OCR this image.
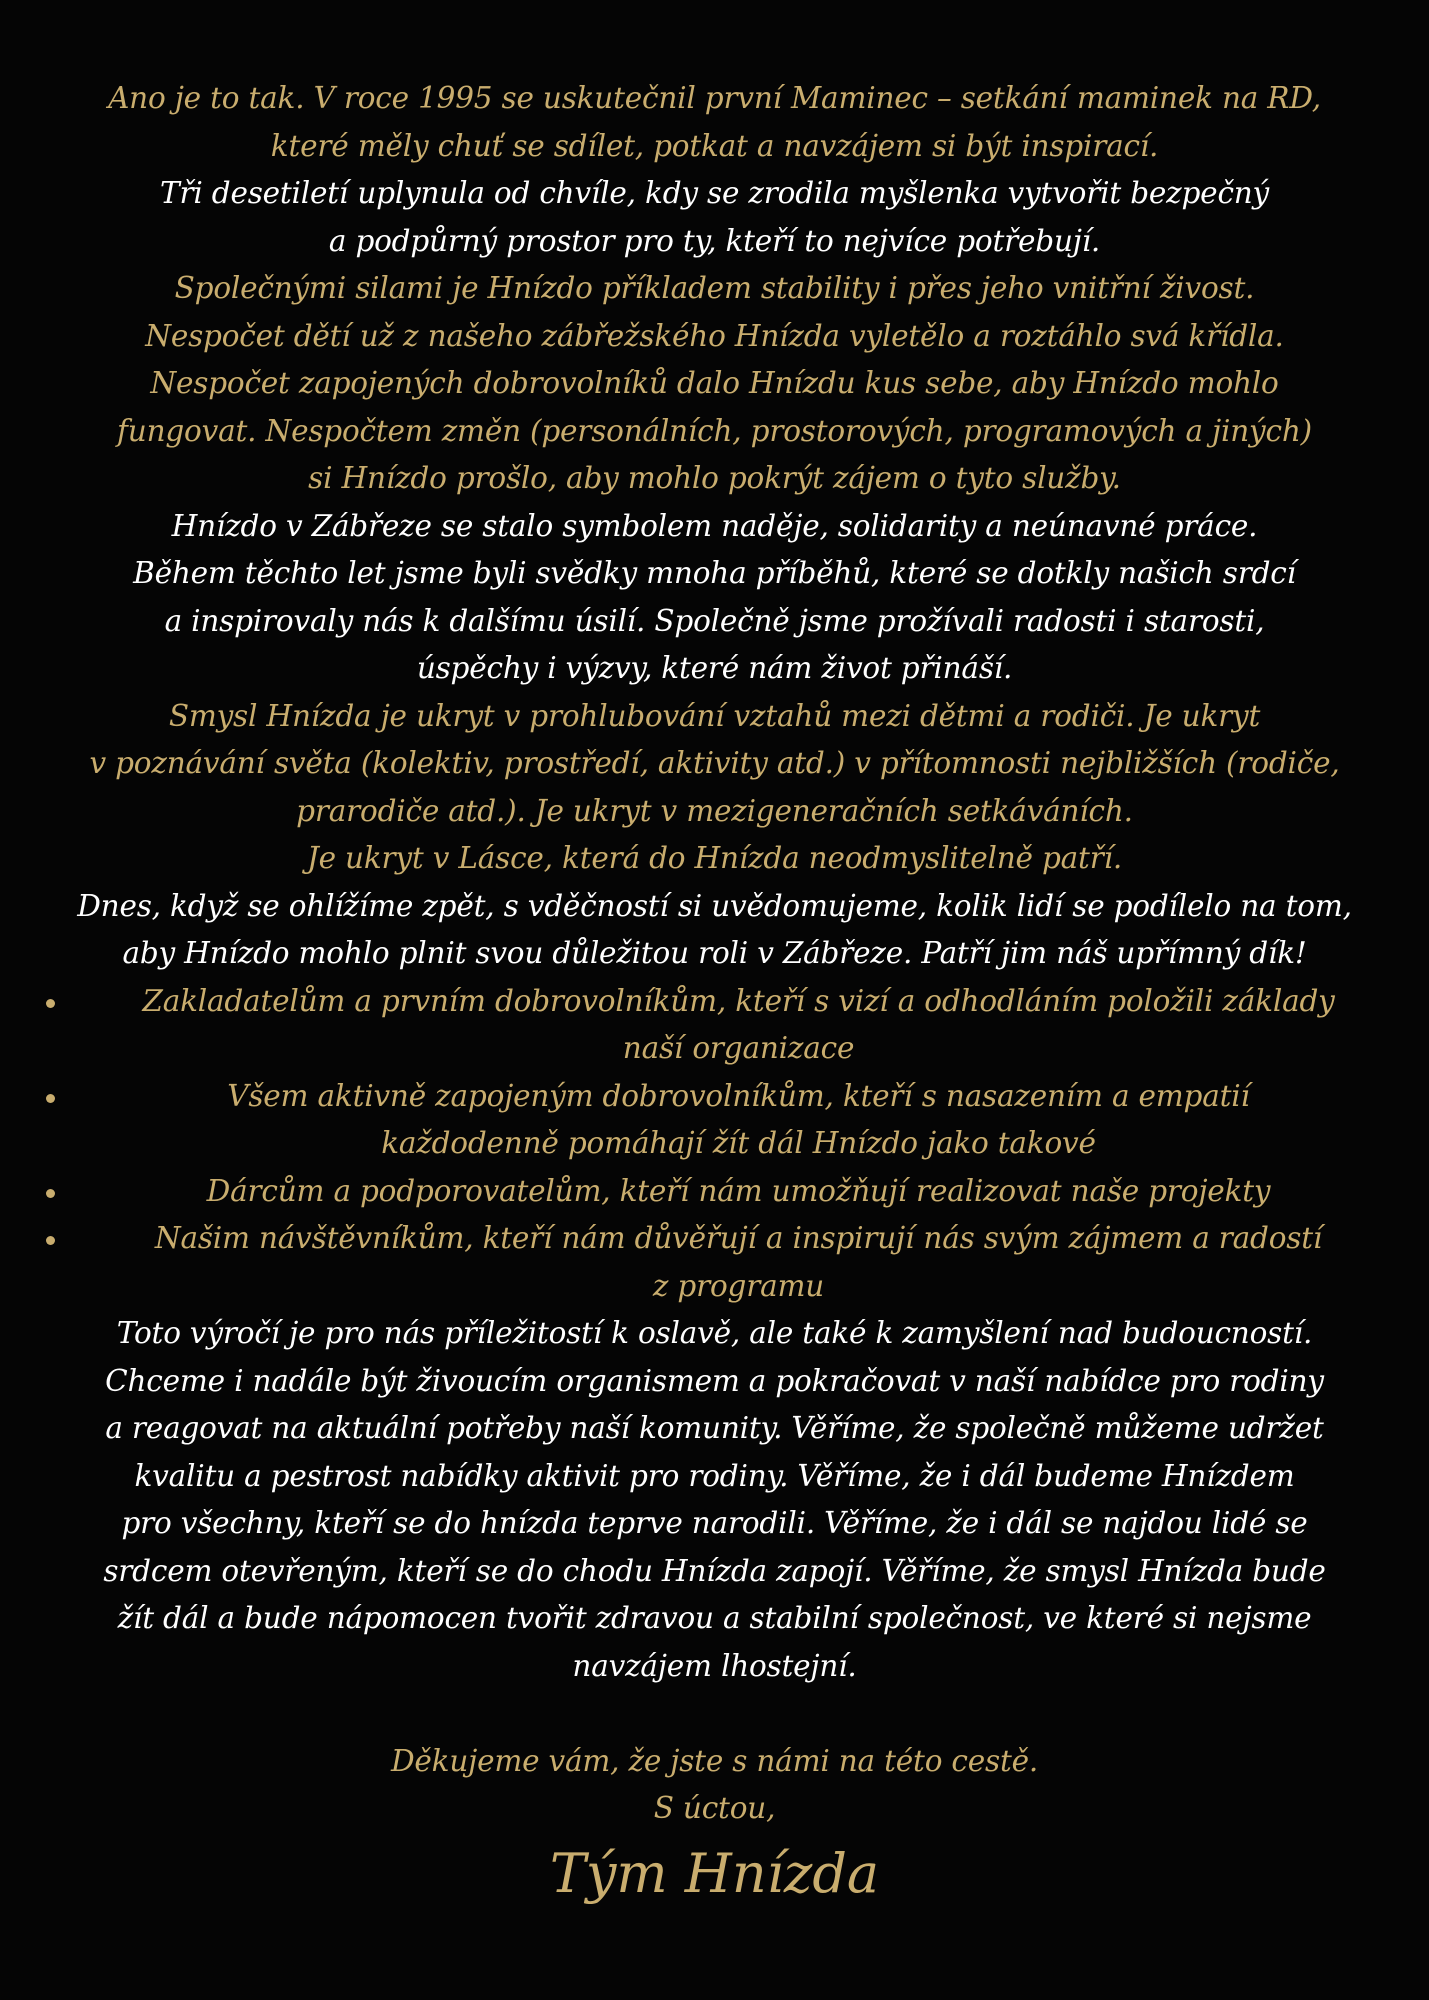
Ano je to tak. V roce 1995 se uskutečnil první Maminec – setkání maminek na RD,
které měly chuť se sdílet, potkat a navzájem si být inspirací.
Tři desetiletí uplynula od chvíle, kdy se zrodila myšlenka vytvořit bezpečný
a podpůrný prostor pro ty, kteří to nejvíce potřebují.
Společnými silami je Hnízdo příkladem stability i přes jeho vnitřní živost.
Nespočet dětí už z našeho zábřežského Hnízda vyletělo a roztáhlo svá křídla.
Nespočet zapojených dobrovolníků dalo Hnízdu kus sebe, aby Hnízdo mohlo
fungovat. Nespočtem změn (personálních, prostorových, programových a jiných)
si Hnízdo prošlo, aby mohlo pokrýt zájem o tyto služby.
Hnízdo v Zábřeze se stalo symbolem naděje, solidarity a neúnavné práce.
Během těchto let jsme byli svědky mnoha příběhů, které se dotkly našich srdcí
a inspirovaly nás k dalšímu úsilí. Společně jsme prožívali radosti i starosti,
úspěchy i výzvy, které nám život přináší.
Smysl Hnízda je ukryt v prohlubování vztahů mezi dětmi a rodiči. Je ukryt
v poznávání světa (kolektiv, prostředí, aktivity atd.) v přítomnosti nejbližších (rodiče,
prarodiče atd.). Je ukryt v mezigeneračních setkáváních.
Je ukryt v Lásce, která do Hnízda neodmyslitelně patří.
Dnes, když se ohlížíme zpět, s vděčností si uvědomujeme, kolik lidí se podílelo na tom,
aby Hnízdo mohlo plnit svou důležitou roli v Zábřeze. Patří jim náš upřímný dík!
Zakladatelům a prvním dobrovolníkům, kteří s vizí a odhodláním položili základy
naší organizace
Všem aktivně zapojeným dobrovolníkům, kteří s nasazením a empatií
každodenně pomáhají žít dál Hnízdo jako takové
Dárcům a podporovatelům, kteří nám umožňují realizovat naše projekty
Našim návštěvníkům, kteří nám důvěřují a inspirují nás svým zájmem a radostí
z programu
Toto výročí je pro nás příležitostí k oslavě, ale také k zamyšlení nad budoucností.
Chceme i nadále být živoucím organismem a pokračovat v naší nabídce pro rodiny
a reagovat na aktuální potřeby naší komunity. Věříme, že společně můžeme udržet
kvalitu a pestrost nabídky aktivit pro rodiny. Věříme, že i dál budeme Hnízdem
pro všechny, kteří se do hnízda teprve narodili. Věříme, že i dál se najdou lidé se
srdcem otevřeným, kteří se do chodu Hnízda zapojí. Věříme, že smysl Hnízda bude
žít dál a bude nápomocen tvořit zdravou a stabilní společnost, ve které si nejsme
navzájem lhostejní.
Děkujeme vám, že jste s námi na této cestě.
S úctou,
Tým Hnízda
